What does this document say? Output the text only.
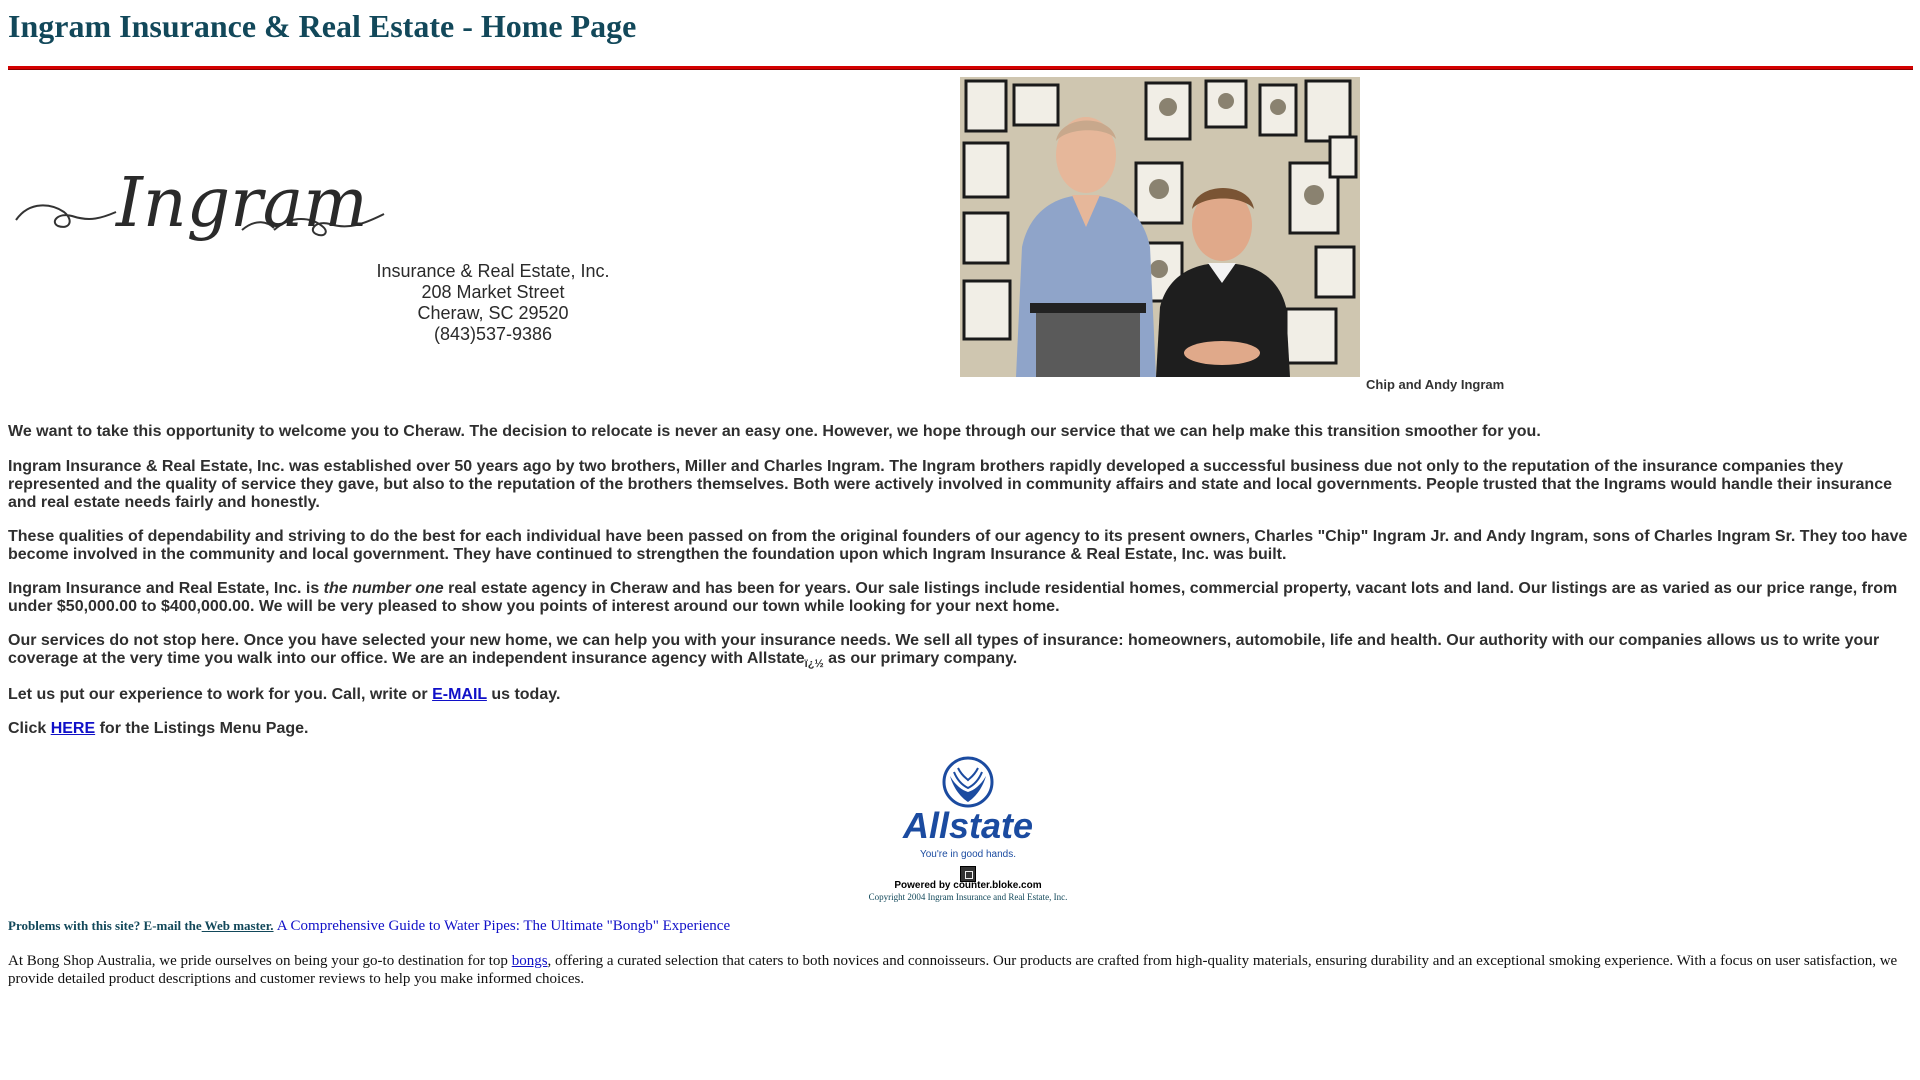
Ingram Insurance & Real Estate - Home Page
Ingram
Insurance & Real Estate, Inc.
208 Market Street
Cheraw, SC 29520
(843)537-9386
Chip and Andy Ingram

We want to take this opportunity to welcome you to Cheraw. The decision to relocate is never an easy one. However, we hope through our service that we can help make this transition smoother for you.

Ingram Insurance & Real Estate, Inc. was established over 50 years ago by two brothers, Miller and Charles Ingram. The Ingram brothers rapidly developed a successful business due not only to the reputation of the insurance companies they represented and the quality of service they gave, but also to the reputation of the brothers themselves. Both were actively involved in community affairs and state and local governments. People trusted that the Ingrams would handle their insurance and real estate needs fairly and honestly.

These qualities of dependability and striving to do the best for each individual have been passed on from the original founders of our agency to its present owners, Charles "Chip" Ingram Jr. and Andy Ingram, sons of Charles Ingram Sr. They too have become involved in the community and local government. They have continued to strengthen the foundation upon which Ingram Insurance & Real Estate, Inc. was built.

Ingram Insurance and Real Estate, Inc. is the number one real estate agency in Cheraw and has been for years. Our sale listings include residential homes, commercial property, vacant lots and land. Our listings are as varied as our price range, from under $50,000.00 to $400,000.00. We will be very pleased to show you points of interest around our town while looking for your next home.

Our services do not stop here. Once you have selected your new home, we can help you with your insurance needs. We sell all types of insurance: homeowners, automobile, life and health. Our authority with our companies allows us to write your coverage at the very time you walk into our office. We are an independent insurance agency with Allstate$_{ï¿\frac{1}{2}}$ as our primary company.

Let us put our experience to work for you. Call, write or E-MAIL us today.

Click HERE for the Listings Menu Page.

Allstate
You're in good hands.
Powered by counter.bloke.com
Copyright 2004 Ingram Insurance and Real Estate, Inc.
Problems with this site? E-mail the Web master. A Comprehensive Guide to Water Pipes: The Ultimate "Bongb" Experience
At Bong Shop Australia, we pride ourselves on being your go-to destination for top bongs, offering a curated selection that caters to both novices and connoisseurs. Our products are crafted from high-quality materials, ensuring durability and an exceptional smoking experience. With a focus on user satisfaction, we provide detailed product descriptions and customer reviews to help you make informed choices.
